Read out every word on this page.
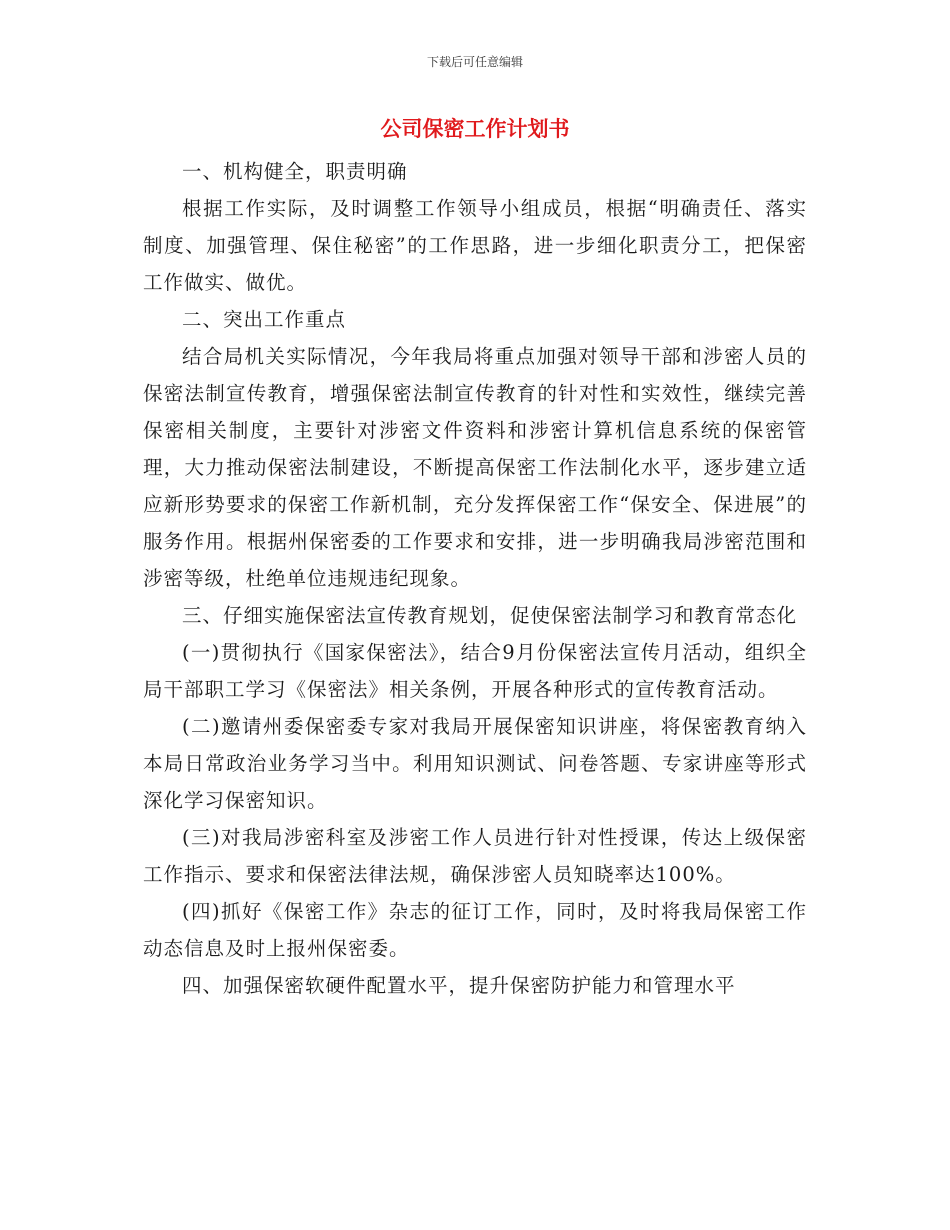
下载后可任意编辑
公司保密工作计划书

一、机构健全，职责明确

根据工作实际，及时调整工作领导小组成员，根据“明确责任、落实制度、加强管理、保住秘密”的工作思路，进一步细化职责分工，把保密工作做实、做优。

二、突出工作重点

结合局机关实际情况，今年我局将重点加强对领导干部和涉密人员的保密法制宣传教育，增强保密法制宣传教育的针对性和实效性，继续完善保密相关制度，主要针对涉密文件资料和涉密计算机信息系统的保密管理，大力推动保密法制建设，不断提高保密工作法制化水平，逐步建立适应新形势要求的保密工作新机制，充分发挥保密工作“保安全、保进展”的服务作用。根据州保密委的工作要求和安排，进一步明确我局涉密范围和涉密等级，杜绝单位违规违纪现象。

三、仔细实施保密法宣传教育规划，促使保密法制学习和教育常态化

(一)贯彻执行《国家保密法》，结合9月份保密法宣传月活动，组织全局干部职工学习《保密法》相关条例，开展各种形式的宣传教育活动。

(二)邀请州委保密委专家对我局开展保密知识讲座，将保密教育纳入本局日常政治业务学习当中。利用知识测试、问卷答题、专家讲座等形式深化学习保密知识。

(三)对我局涉密科室及涉密工作人员进行针对性授课，传达上级保密工作指示、要求和保密法律法规，确保涉密人员知晓率达100%。

(四)抓好《保密工作》杂志的征订工作，同时，及时将我局保密工作动态信息及时上报州保密委。

四、加强保密软硬件配置水平，提升保密防护能力和管理水平
